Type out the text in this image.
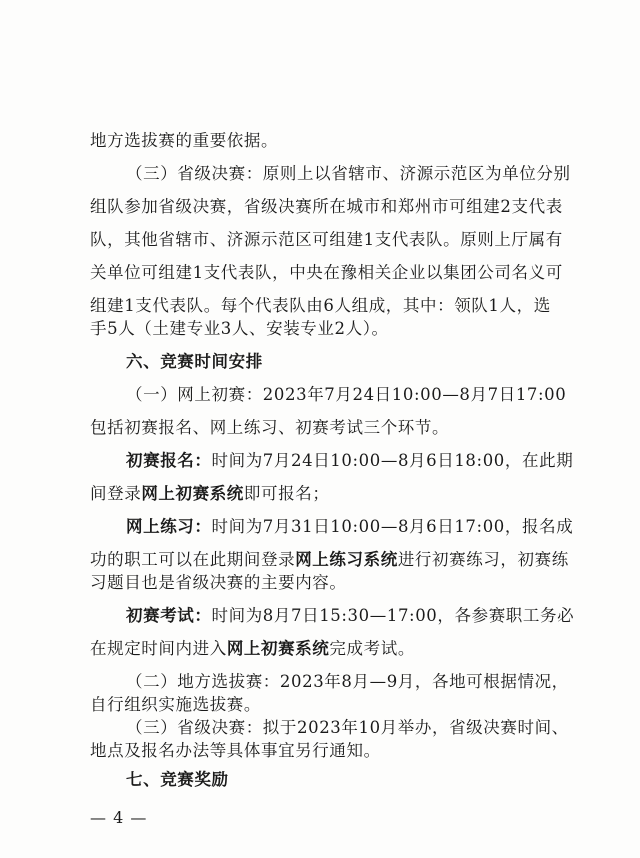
地方选拔赛的重要依据。
（三）省级决赛：原则上以省辖市、济源示范区为单位分别
组队参加省级决赛，省级决赛所在城市和郑州市可组建2支代表
队，其他省辖市、济源示范区可组建1支代表队。原则上厅属有
关单位可组建1支代表队，中央在豫相关企业以集团公司名义可
组建1支代表队。每个代表队由6人组成，其中：领队1人，选
手5人（土建专业3人、安装专业2人）。
六、竞赛时间安排
（一）网上初赛：2023年7月24日10:00—8月7日17:00
包括初赛报名、网上练习、初赛考试三个环节。
初赛报名：时间为7月24日10:00—8月6日18:00，在此期
间登录网上初赛系统即可报名；
网上练习：时间为7月31日10:00—8月6日17:00，报名成
功的职工可以在此期间登录网上练习系统进行初赛练习，初赛练
习题目也是省级决赛的主要内容。
初赛考试：时间为8月7日15:30—17:00，各参赛职工务必
在规定时间内进入网上初赛系统完成考试。
（二）地方选拔赛：2023年8月—9月，各地可根据情况，
自行组织实施选拔赛。
（三）省级决赛：拟于2023年10月举办，省级决赛时间、
地点及报名办法等具体事宜另行通知。
七、竞赛奖励
— 4 —
